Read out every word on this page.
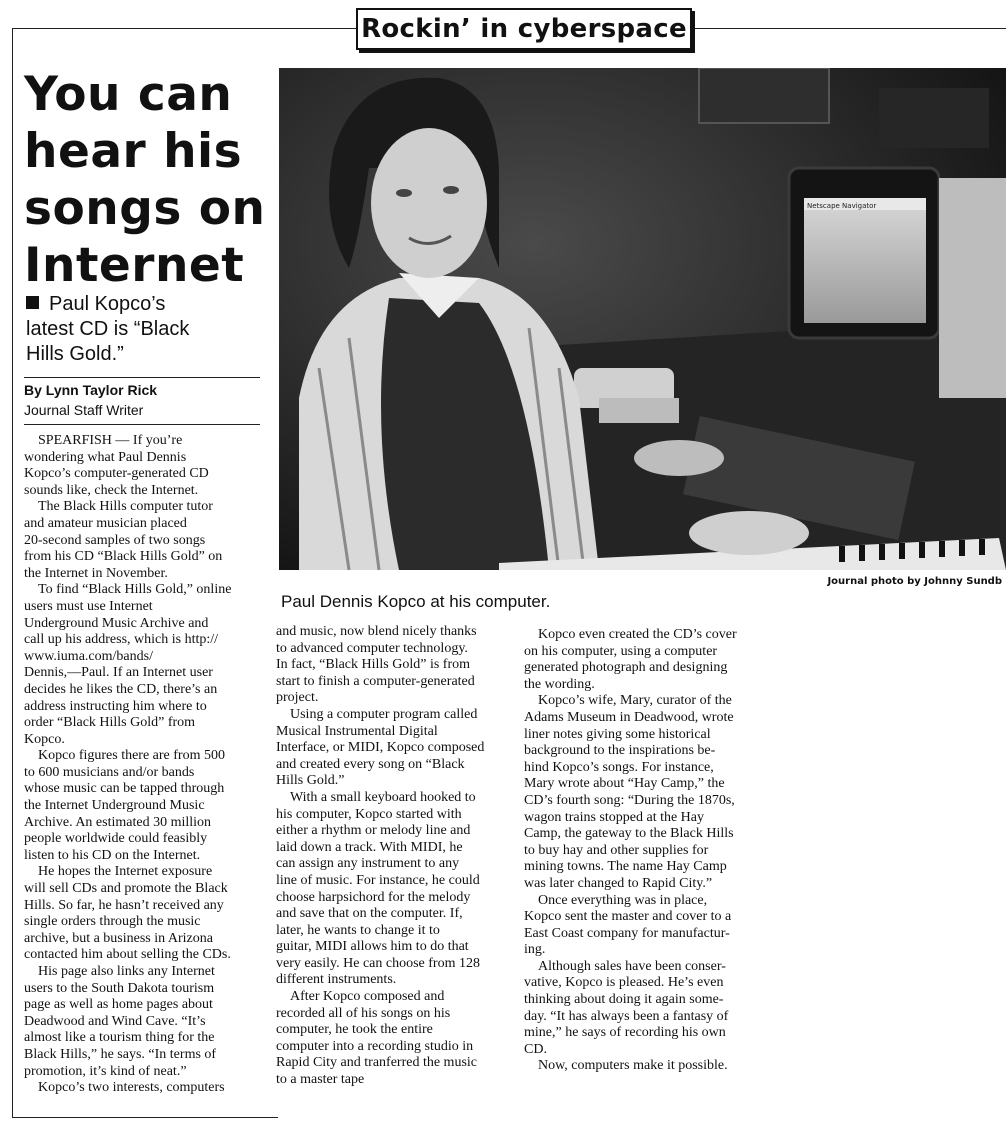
Rockin’ in cyberspace
You can
hear his
songs on
Internet
Paul Kopco’s
latest CD is “Black
Hills Gold.”
By Lynn Taylor Rick
Journal Staff Writer
SPEARFISH — If you’re
wondering what Paul Dennis
Kopco’s computer-generated CD
sounds like, check the Internet.
The Black Hills computer tutor
and amateur musician placed
20-second samples of two songs
from his CD “Black Hills Gold” on
the Internet in November.
To find “Black Hills Gold,” online
users must use Internet
Underground Music Archive and
call up his address, which is http://
www.iuma.com/bands/
Dennis,—Paul. If an Internet user
decides he likes the CD, there’s an
address instructing him where to
order “Black Hills Gold” from
Kopco.
Kopco figures there are from 500
to 600 musicians and/or bands
whose music can be tapped through
the Internet Underground Music
Archive. An estimated 30 million
people worldwide could feasibly
listen to his CD on the Internet.
He hopes the Internet exposure
will sell CDs and promote the Black
Hills. So far, he hasn’t received any
single orders through the music
archive, but a business in Arizona
contacted him about selling the CDs.
His page also links any Internet
users to the South Dakota tourism
page as well as home pages about
Deadwood and Wind Cave. “It’s
almost like a tourism thing for the
Black Hills,” he says. “In terms of
promotion, it’s kind of neat.”
Kopco’s two interests, computers
and music, now blend nicely thanks
to advanced computer technology.
In fact, “Black Hills Gold” is from
start to finish a computer-generated
project.
Using a computer program called
Musical Instrumental Digital
Interface, or MIDI, Kopco composed
and created every song on “Black
Hills Gold.”
With a small keyboard hooked to
his computer, Kopco started with
either a rhythm or melody line and
laid down a track. With MIDI, he
can assign any instrument to any
line of music. For instance, he could
choose harpsichord for the melody
and save that on the computer. If,
later, he wants to change it to
guitar, MIDI allows him to do that
very easily. He can choose from 128
different instruments.
After Kopco composed and
recorded all of his songs on his
computer, he took the entire
computer into a recording studio in
Rapid City and tranferred the music
to a master tape
Kopco even created the CD’s cover
on his computer, using a computer
generated photograph and designing
the wording.
Kopco’s wife, Mary, curator of the
Adams Museum in Deadwood, wrote
liner notes giving some historical
background to the inspirations be-
hind Kopco’s songs. For instance,
Mary wrote about “Hay Camp,” the
CD’s fourth song: “During the 1870s,
wagon trains stopped at the Hay
Camp, the gateway to the Black Hills
to buy hay and other supplies for
mining towns. The name Hay Camp
was later changed to Rapid City.”
Once everything was in place,
Kopco sent the master and cover to a
East Coast company for manufactur-
ing.
Although sales have been conser-
vative, Kopco is pleased. He’s even
thinking about doing it again some-
day. “It has always been a fantasy of
mine,” he says of recording his own
CD.
Now, computers make it possible.
Netscape Navigator
Journal photo by Johnny Sundb
Paul Dennis Kopco at his computer.
